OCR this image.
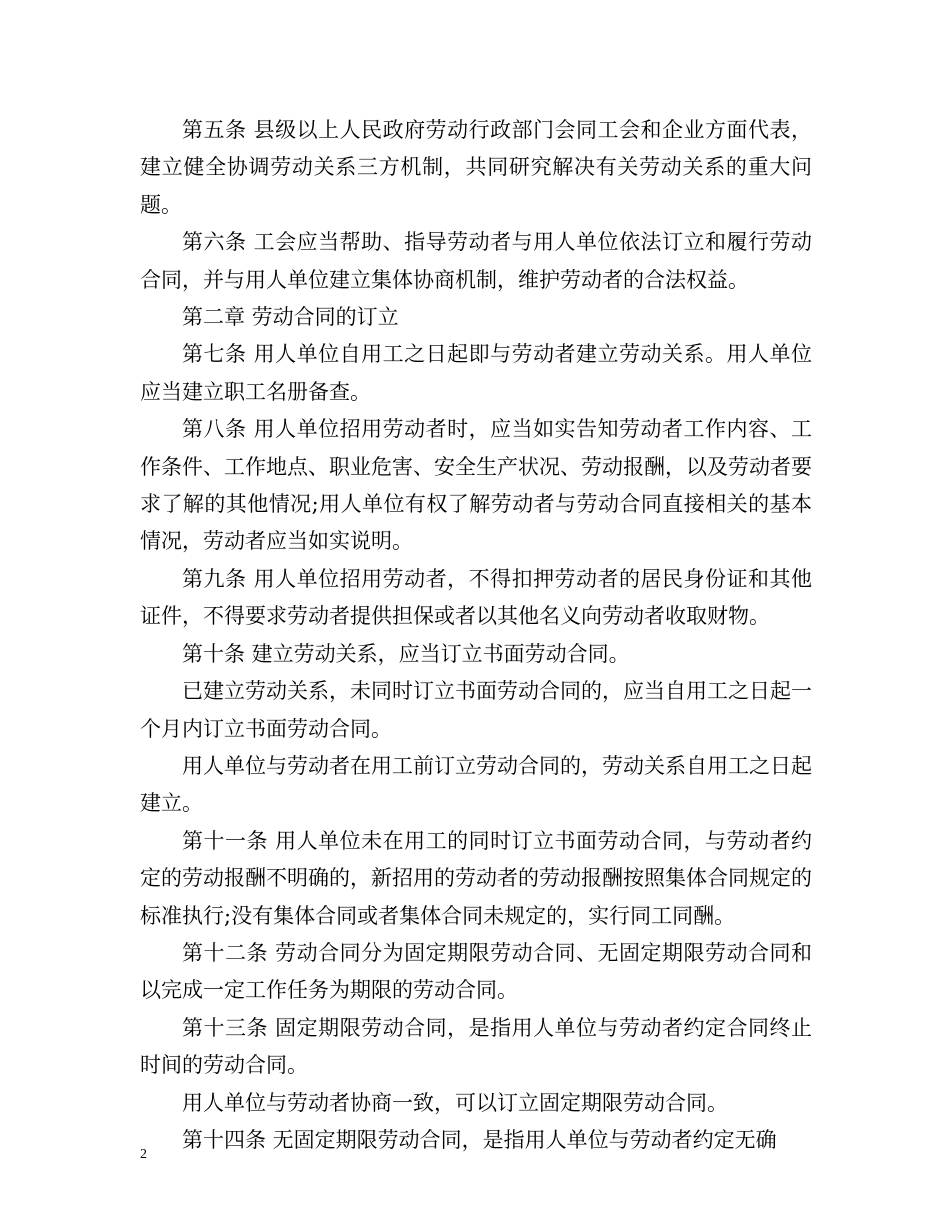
第五条 县级以上人民政府劳动行政部门会同工会和企业方面代表，建立健全协调劳动关系三方机制，共同研究解决有关劳动关系的重大问题。

第六条 工会应当帮助、指导劳动者与用人单位依法订立和履行劳动合同，并与用人单位建立集体协商机制，维护劳动者的合法权益。

第二章 劳动合同的订立

第七条 用人单位自用工之日起即与劳动者建立劳动关系。用人单位应当建立职工名册备查。

第八条 用人单位招用劳动者时，应当如实告知劳动者工作内容、工作条件、工作地点、职业危害、安全生产状况、劳动报酬，以及劳动者要求了解的其他情况;用人单位有权了解劳动者与劳动合同直接相关的基本情况，劳动者应当如实说明。

第九条 用人单位招用劳动者，不得扣押劳动者的居民身份证和其他证件，不得要求劳动者提供担保或者以其他名义向劳动者收取财物。

第十条 建立劳动关系，应当订立书面劳动合同。

已建立劳动关系，未同时订立书面劳动合同的，应当自用工之日起一个月内订立书面劳动合同。

用人单位与劳动者在用工前订立劳动合同的，劳动关系自用工之日起建立。

第十一条 用人单位未在用工的同时订立书面劳动合同，与劳动者约定的劳动报酬不明确的，新招用的劳动者的劳动报酬按照集体合同规定的标准执行;没有集体合同或者集体合同未规定的，实行同工同酬。

第十二条 劳动合同分为固定期限劳动合同、无固定期限劳动合同和以完成一定工作任务为期限的劳动合同。

第十三条 固定期限劳动合同，是指用人单位与劳动者约定合同终止时间的劳动合同。

用人单位与劳动者协商一致，可以订立固定期限劳动合同。

第十四条 无固定期限劳动合同，是指用人单位与劳动者约定无确

2
